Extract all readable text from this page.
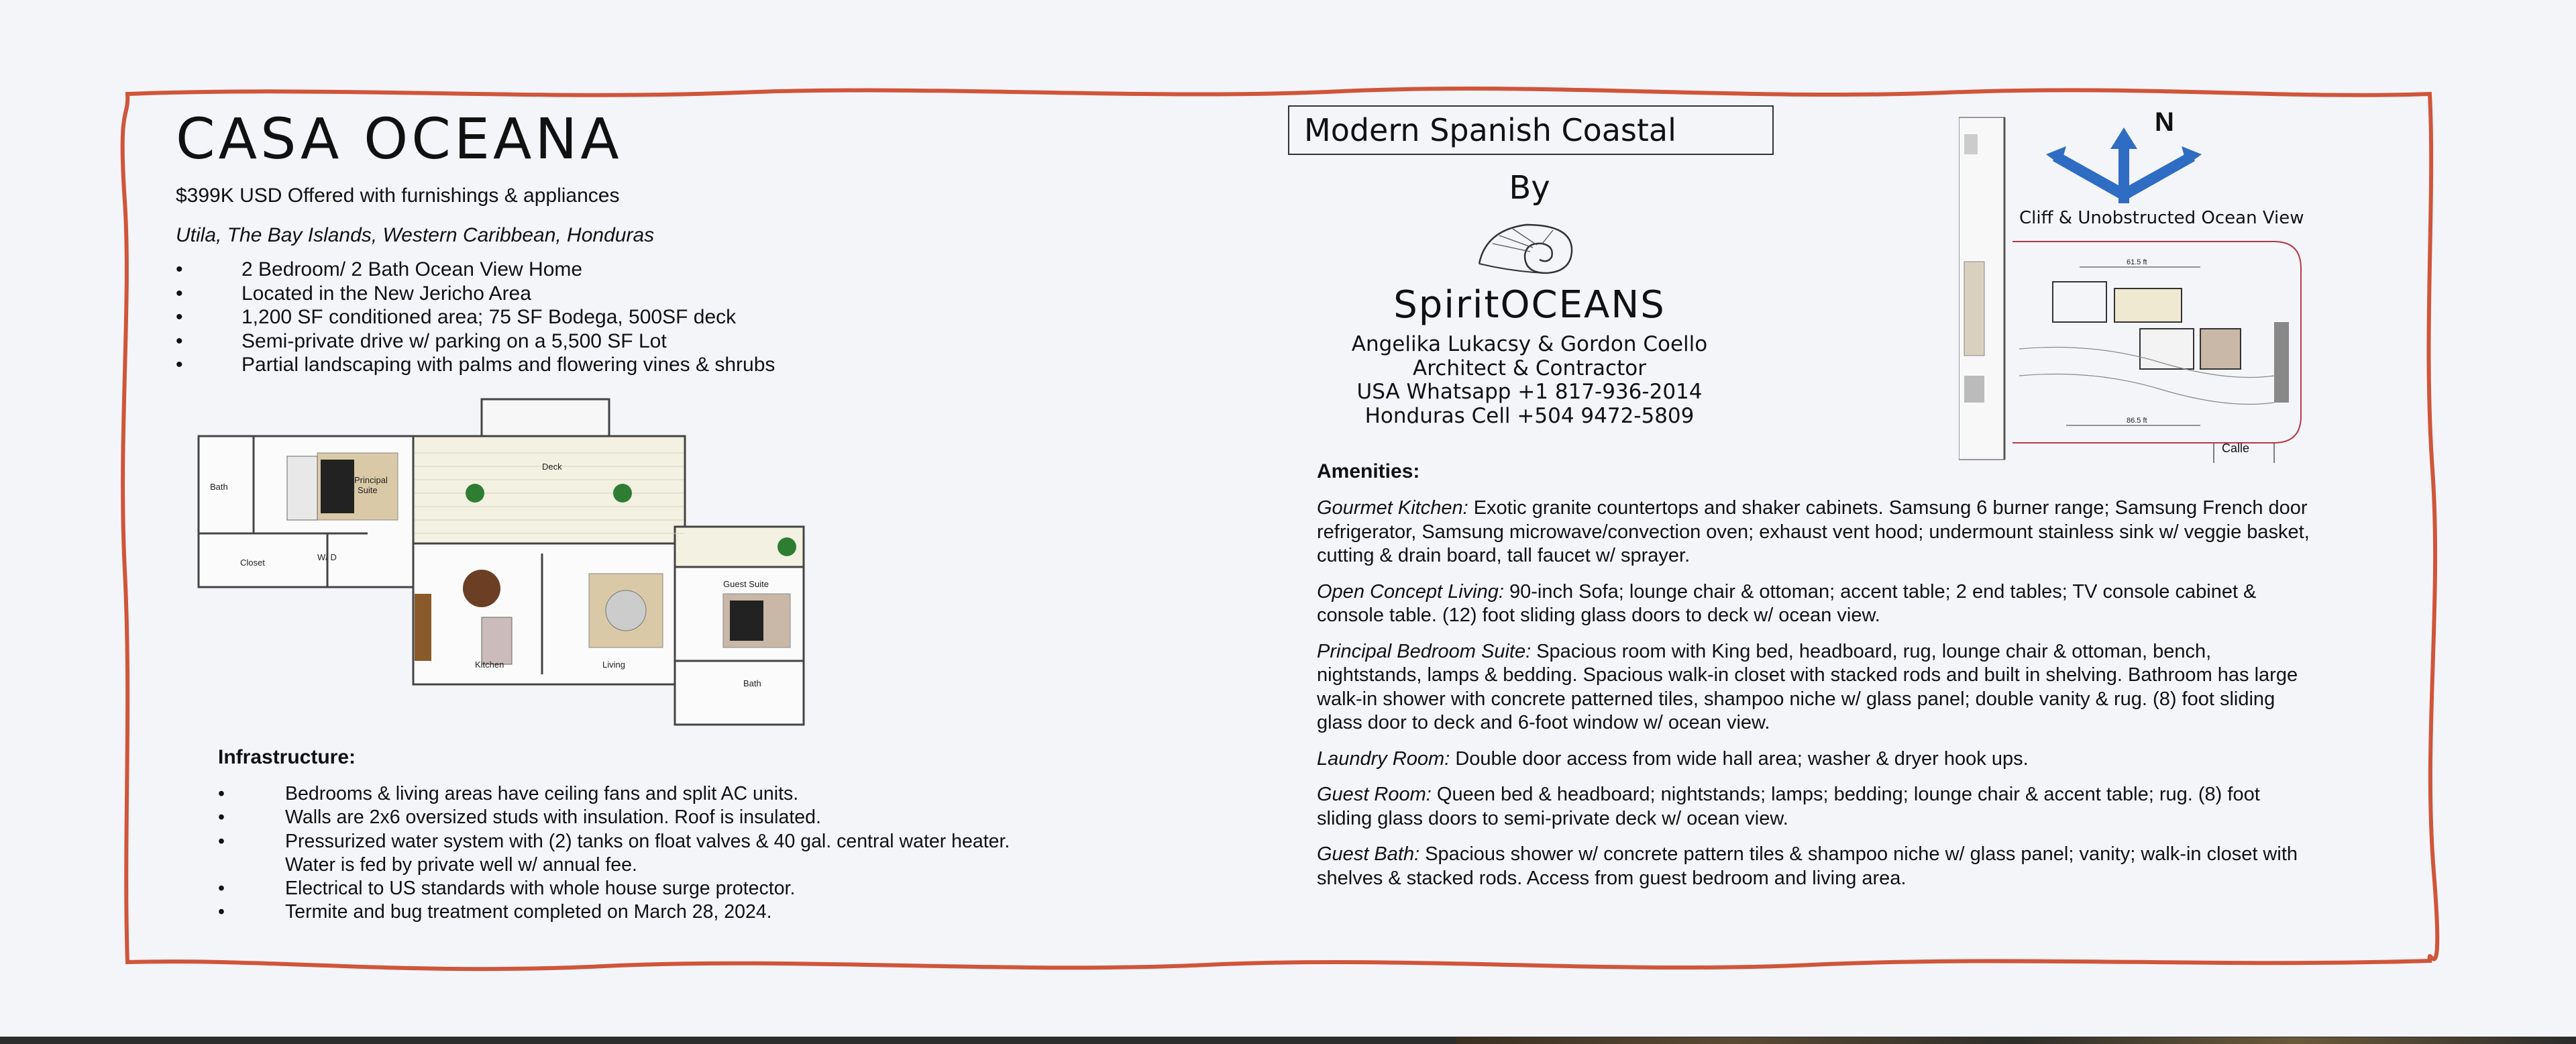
CASA OCEANA
$399K USD Offered with furnishings & appliances
Utila, The Bay Islands, Western Caribbean, Honduras
• 2 Bedroom/ 2 Bath Ocean View Home
• Located in the New Jericho Area
• 1,200 SF conditioned area; 75 SF Bodega, 500SF deck
• Semi-private drive w/ parking on a 5,500 SF Lot
• Partial landscaping with palms and flowering vines & shrubs
Deck
Bath
Principal
Suite
Closet
W/ D
Kitchen	Living
Guest Suite
Bath
Infrastructure:
• Bedrooms & living areas have ceiling fans and split AC units.
• Walls are 2x6 oversized studs with insulation. Roof is insulated.
• Pressurized water system with (2) tanks on float valves & 40 gal. central water heater. Water is fed by private well w/ annual fee.
• Electrical to US standards with whole house surge protector.
• Termite and bug treatment completed on March 28, 2024.
Modern Spanish Coastal
By
SpiritOCEANS
Angelika Lukacsy & Gordon Coello
Architect & Contractor
USA Whatsapp +1 817-936-2014
Honduras Cell +504 9472-5809
61.5 ft
86.5 ft
N
Cliff & Unobstructed Ocean View
Calle
Amenities:

Gourmet Kitchen: Exotic granite countertops and shaker cabinets. Samsung 6 burner range; Samsung French door refrigerator, Samsung microwave/convection oven; exhaust vent hood; undermount stainless sink w/ veggie basket, cutting & drain board, tall faucet w/ sprayer.

Open Concept Living: 90-inch Sofa; lounge chair & ottoman; accent table; 2 end tables; TV console cabinet & console table. (12) foot sliding glass doors to deck w/ ocean view.

Principal Bedroom Suite: Spacious room with King bed, headboard, rug, lounge chair & ottoman, bench, nightstands, lamps & bedding. Spacious walk-in closet with stacked rods and built in shelving. Bathroom has large walk-in shower with concrete patterned tiles, shampoo niche w/ glass panel; double vanity & rug. (8) foot sliding glass door to deck and 6-foot window w/ ocean view.

Laundry Room: Double door access from wide hall area; washer & dryer hook ups.

Guest Room: Queen bed & headboard; nightstands; lamps; bedding; lounge chair & accent table; rug. (8) foot sliding glass doors to semi-private deck w/ ocean view.

Guest Bath: Spacious shower w/ concrete pattern tiles & shampoo niche w/ glass panel; vanity; walk-in closet with shelves & stacked rods. Access from guest bedroom and living area.
